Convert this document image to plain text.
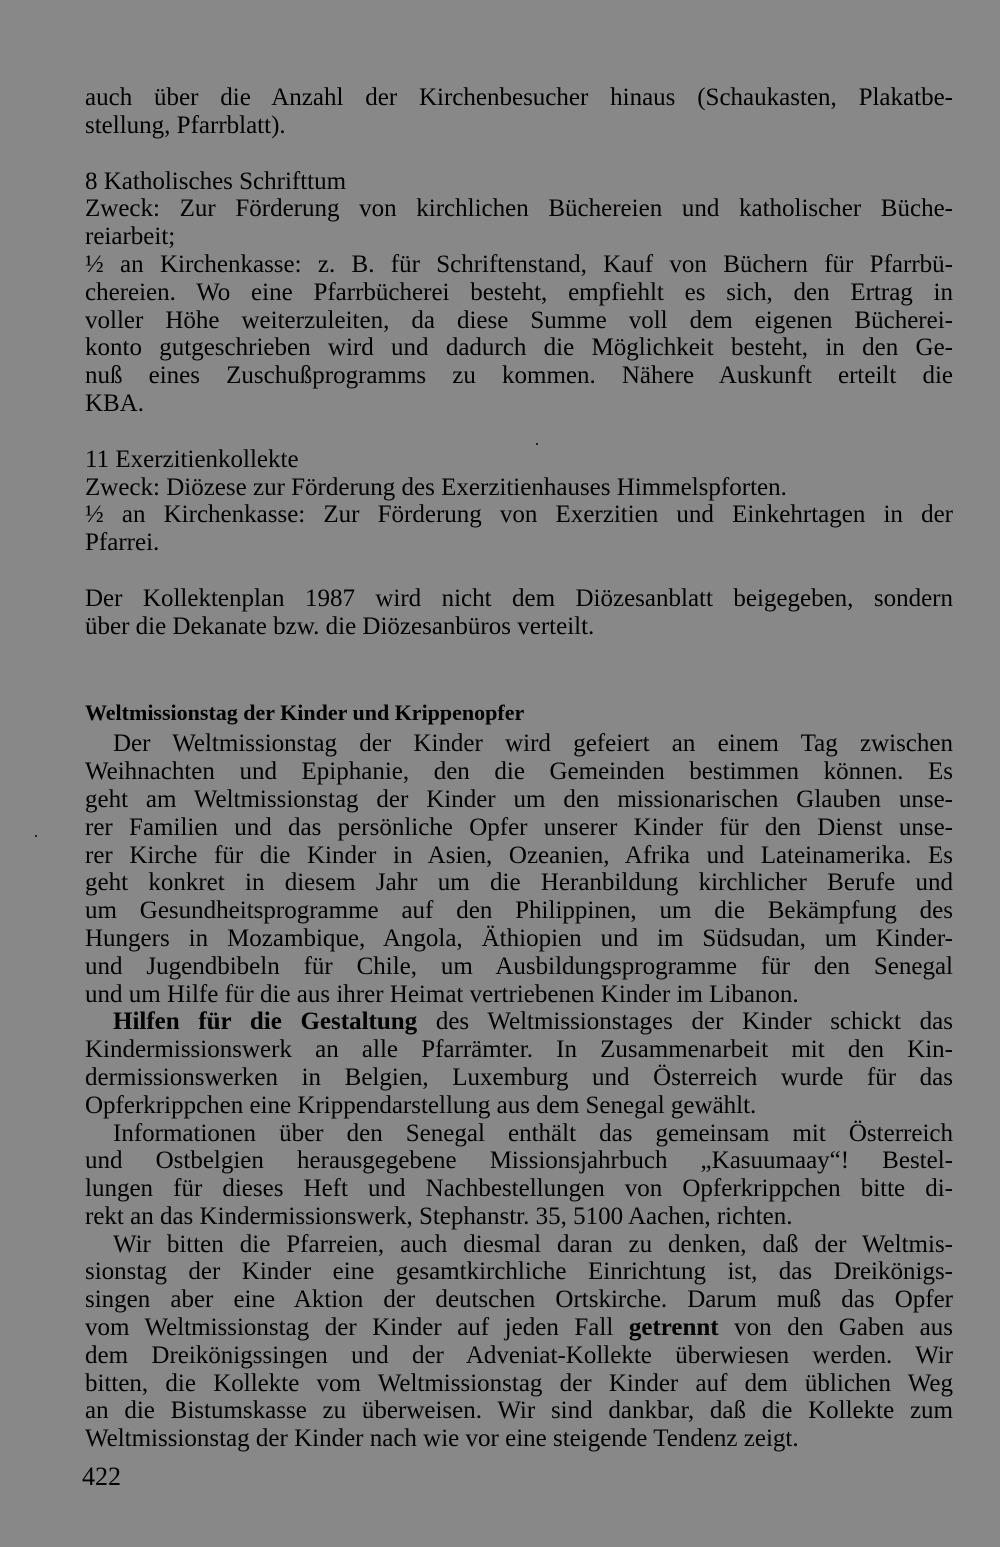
auch über die Anzahl der Kirchenbesucher hinaus (Schaukasten, Plakatbe-
stellung, Pfarrblatt).
8 Katholisches Schrifttum
Zweck: Zur Förderung von kirchlichen Büchereien und katholischer Büche-
reiarbeit;
½ an Kirchenkasse: z. B. für Schriftenstand, Kauf von Büchern für Pfarrbü-
chereien. Wo eine Pfarrbücherei besteht, empfiehlt es sich, den Ertrag in
voller Höhe weiterzuleiten, da diese Summe voll dem eigenen Bücherei-
konto gutgeschrieben wird und dadurch die Möglichkeit besteht, in den Ge-
nuß eines Zuschußprogramms zu kommen. Nähere Auskunft erteilt die
KBA.
11 Exerzitienkollekte
Zweck: Diözese zur Förderung des Exerzitienhauses Himmelspforten.
½ an Kirchenkasse: Zur Förderung von Exerzitien und Einkehrtagen in der
Pfarrei.
Der Kollektenplan 1987 wird nicht dem Diözesanblatt beigegeben, sondern
über die Dekanate bzw. die Diözesanbüros verteilt.
Weltmissionstag der Kinder und Krippenopfer
Der Weltmissionstag der Kinder wird gefeiert an einem Tag zwischen
Weihnachten und Epiphanie, den die Gemeinden bestimmen können. Es
geht am Weltmissionstag der Kinder um den missionarischen Glauben unse-
rer Familien und das persönliche Opfer unserer Kinder für den Dienst unse-
rer Kirche für die Kinder in Asien, Ozeanien, Afrika und Lateinamerika. Es
geht konkret in diesem Jahr um die Heranbildung kirchlicher Berufe und
um Gesundheitsprogramme auf den Philippinen, um die Bekämpfung des
Hungers in Mozambique, Angola, Äthiopien und im Südsudan, um Kinder-
und Jugendbibeln für Chile, um Ausbildungsprogramme für den Senegal
und um Hilfe für die aus ihrer Heimat vertriebenen Kinder im Libanon.
Hilfen für die Gestaltung des Weltmissionstages der Kinder schickt das
Kindermissionswerk an alle Pfarrämter. In Zusammenarbeit mit den Kin-
dermissionswerken in Belgien, Luxemburg und Österreich wurde für das
Opferkrippchen eine Krippendarstellung aus dem Senegal gewählt.
Informationen über den Senegal enthält das gemeinsam mit Österreich
und Ostbelgien herausgegebene Missionsjahrbuch „Kasuumaay“! Bestel-
lungen für dieses Heft und Nachbestellungen von Opferkrippchen bitte di-
rekt an das Kindermissionswerk, Stephanstr. 35, 5100 Aachen, richten.
Wir bitten die Pfarreien, auch diesmal daran zu denken, daß der Weltmis-
sionstag der Kinder eine gesamtkirchliche Einrichtung ist, das Dreikönigs-
singen aber eine Aktion der deutschen Ortskirche. Darum muß das Opfer
vom Weltmissionstag der Kinder auf jeden Fall getrennt von den Gaben aus
dem Dreikönigssingen und der Adveniat-Kollekte überwiesen werden. Wir
bitten, die Kollekte vom Weltmissionstag der Kinder auf dem üblichen Weg
an die Bistumskasse zu überweisen. Wir sind dankbar, daß die Kollekte zum
Weltmissionstag der Kinder nach wie vor eine steigende Tendenz zeigt.
422
